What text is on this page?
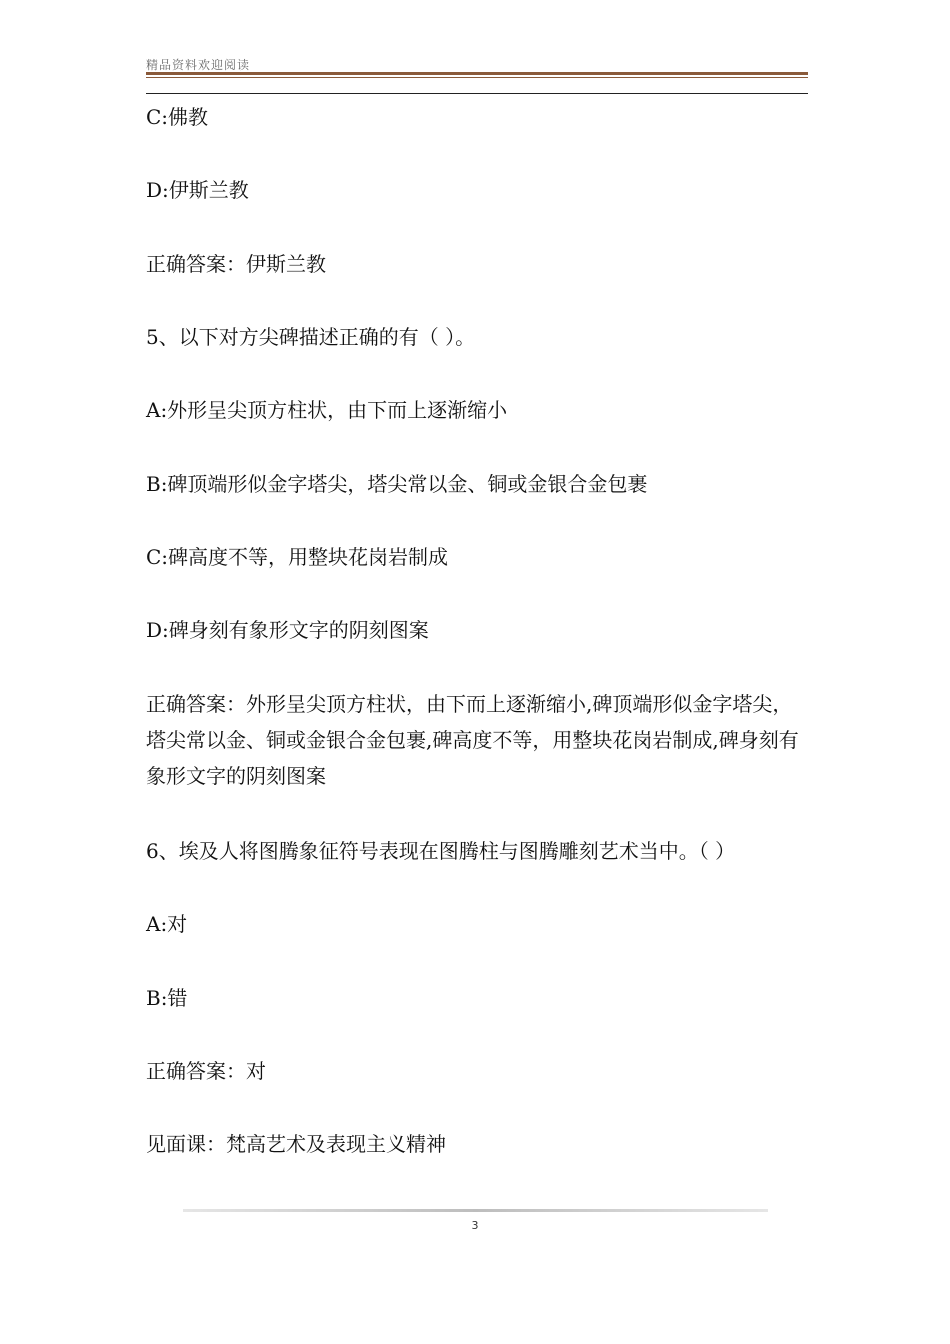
精品资料欢迎阅读
C:佛教
D:伊斯兰教
正确答案：伊斯兰教
5、以下对方尖碑描述正确的有（ ）。
A:外形呈尖顶方柱状，由下而上逐渐缩小
B:碑顶端形似金字塔尖，塔尖常以金、铜或金银合金包裹
C:碑高度不等，用整块花岗岩制成
D:碑身刻有象形文字的阴刻图案
正确答案：外形呈尖顶方柱状，由下而上逐渐缩小,碑顶端形似金字塔尖，塔尖常以金、铜或金银合金包裹,碑高度不等，用整块花岗岩制成,碑身刻有象形文字的阴刻图案
6、埃及人将图腾象征符号表现在图腾柱与图腾雕刻艺术当中。（ ）
A:对
B:错
正确答案：对
见面课：梵高艺术及表现主义精神
3
